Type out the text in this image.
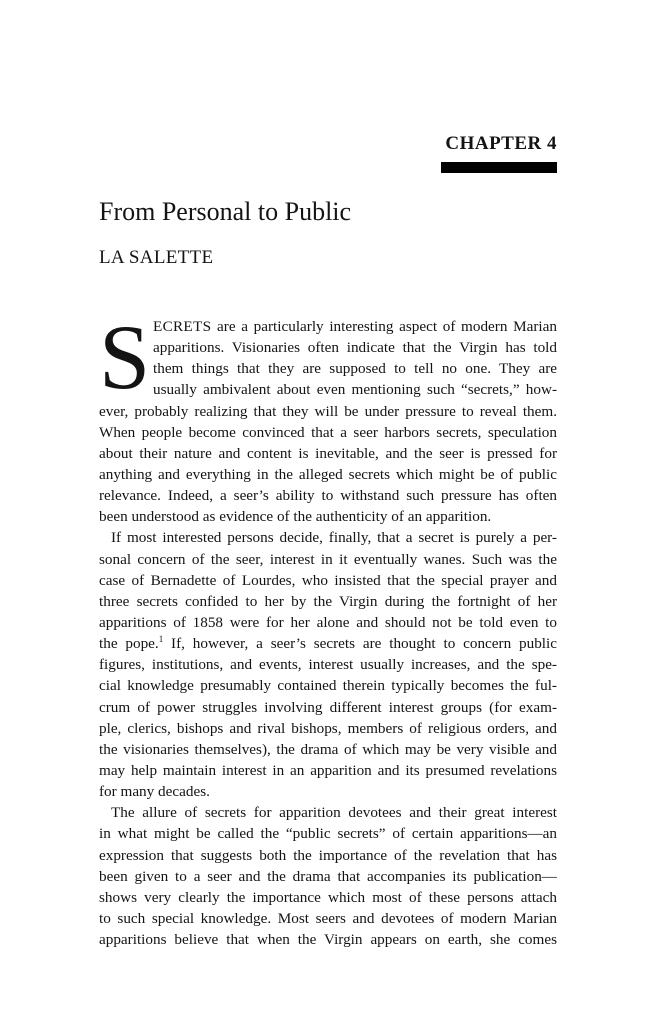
CHAPTER 4
From Personal to Public
LA SALETTE
S ECRETS are a particularly interesting aspect of modern Marian
apparitions. Visionaries often indicate that the Virgin has told
them things that they are supposed to tell no one. They are
usually ambivalent about even mentioning such “secrets,” how-
ever, probably realizing that they will be under pressure to reveal them.
When people become convinced that a seer harbors secrets, speculation
about their nature and content is inevitable, and the seer is pressed for
anything and everything in the alleged secrets which might be of public
relevance. Indeed, a seer’s ability to withstand such pressure has often
been understood as evidence of the authenticity of an apparition.
If most interested persons decide, finally, that a secret is purely a per-
sonal concern of the seer, interest in it eventually wanes. Such was the
case of Bernadette of Lourdes, who insisted that the special prayer and
three secrets confided to her by the Virgin during the fortnight of her
apparitions of 1858 were for her alone and should not be told even to
the pope.$^1$ If, however, a seer’s secrets are thought to concern public
figures, institutions, and events, interest usually increases, and the spe-
cial knowledge presumably contained therein typically becomes the ful-
crum of power struggles involving different interest groups (for exam-
ple, clerics, bishops and rival bishops, members of religious orders, and
the visionaries themselves), the drama of which may be very visible and
may help maintain interest in an apparition and its presumed revelations
for many decades.
The allure of secrets for apparition devotees and their great interest
in what might be called the “public secrets” of certain apparitions—an
expression that suggests both the importance of the revelation that has
been given to a seer and the drama that accompanies its publication—
shows very clearly the importance which most of these persons attach
to such special knowledge. Most seers and devotees of modern Marian
apparitions believe that when the Virgin appears on earth, she comes
